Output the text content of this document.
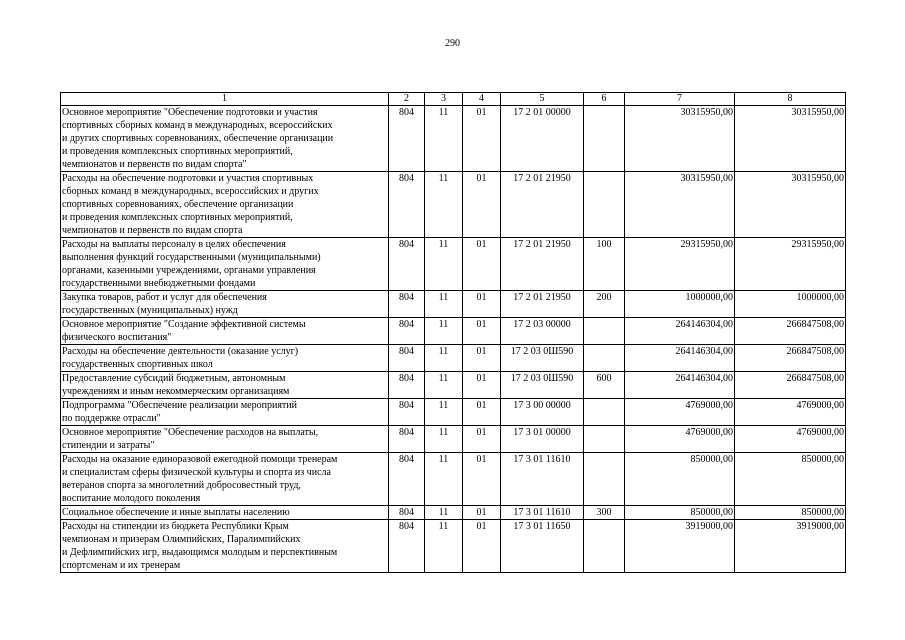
290
1	2	3	4	5	6	7	8
Основное мероприятие "Обеспечение подготовки и участия
спортивных сборных команд в международных, всероссийских
и других спортивных соревнованиях, обеспечение организации
и проведения комплексных спортивных мероприятий,
чемпионатов и первенств по видам спорта"	804	11	01	17 2 01 00000		30315950,00	30315950,00
Расходы на обеспечение подготовки и участия спортивных
сборных команд в международных, всероссийских и других
спортивных соревнованиях, обеспечение организации
и проведения комплексных спортивных мероприятий,
чемпионатов и первенств по видам спорта	804	11	01	17 2 01 21950		30315950,00	30315950,00
Расходы на выплаты персоналу в целях обеспечения
выполнения функций государственными (муниципальными)
органами, казенными учреждениями, органами управления
государственными внебюджетными фондами	804	11	01	17 2 01 21950	100	29315950,00	29315950,00
Закупка товаров, работ и услуг для обеспечения
государственных (муниципальных) нужд	804	11	01	17 2 01 21950	200	1000000,00	1000000,00
Основное мероприятие "Создание эффективной системы
физического воспитания"	804	11	01	17 2 03 00000		264146304,00	266847508,00
Расходы на обеспечение деятельности (оказание услуг)
государственных спортивных школ	804	11	01	17 2 03 0Ш590		264146304,00	266847508,00
Предоставление субсидий бюджетным, автономным
учреждениям и иным некоммерческим организациям	804	11	01	17 2 03 0Ш590	600	264146304,00	266847508,00
Подпрограмма "Обеспечение реализации мероприятий
по поддержке отрасли"	804	11	01	17 3 00 00000		4769000,00	4769000,00
Основное мероприятие "Обеспечение расходов на выплаты,
стипендии и затраты"	804	11	01	17 3 01 00000		4769000,00	4769000,00
Расходы на оказание единоразовой ежегодной помощи тренерам
и специалистам сферы физической культуры и спорта из числа
ветеранов спорта за многолетний добросовестный труд,
воспитание молодого поколения	804	11	01	17 3 01 11610		850000,00	850000,00
Социальное обеспечение и иные выплаты населению	804	11	01	17 3 01 11610	300	850000,00	850000,00
Расходы на стипендии из бюджета Республики Крым
чемпионам и призерам Олимпийских, Паралимпийских
и Дефлимпийских игр, выдающимся молодым и перспективным
спортсменам и их тренерам	804	11	01	17 3 01 11650		3919000,00	3919000,00
